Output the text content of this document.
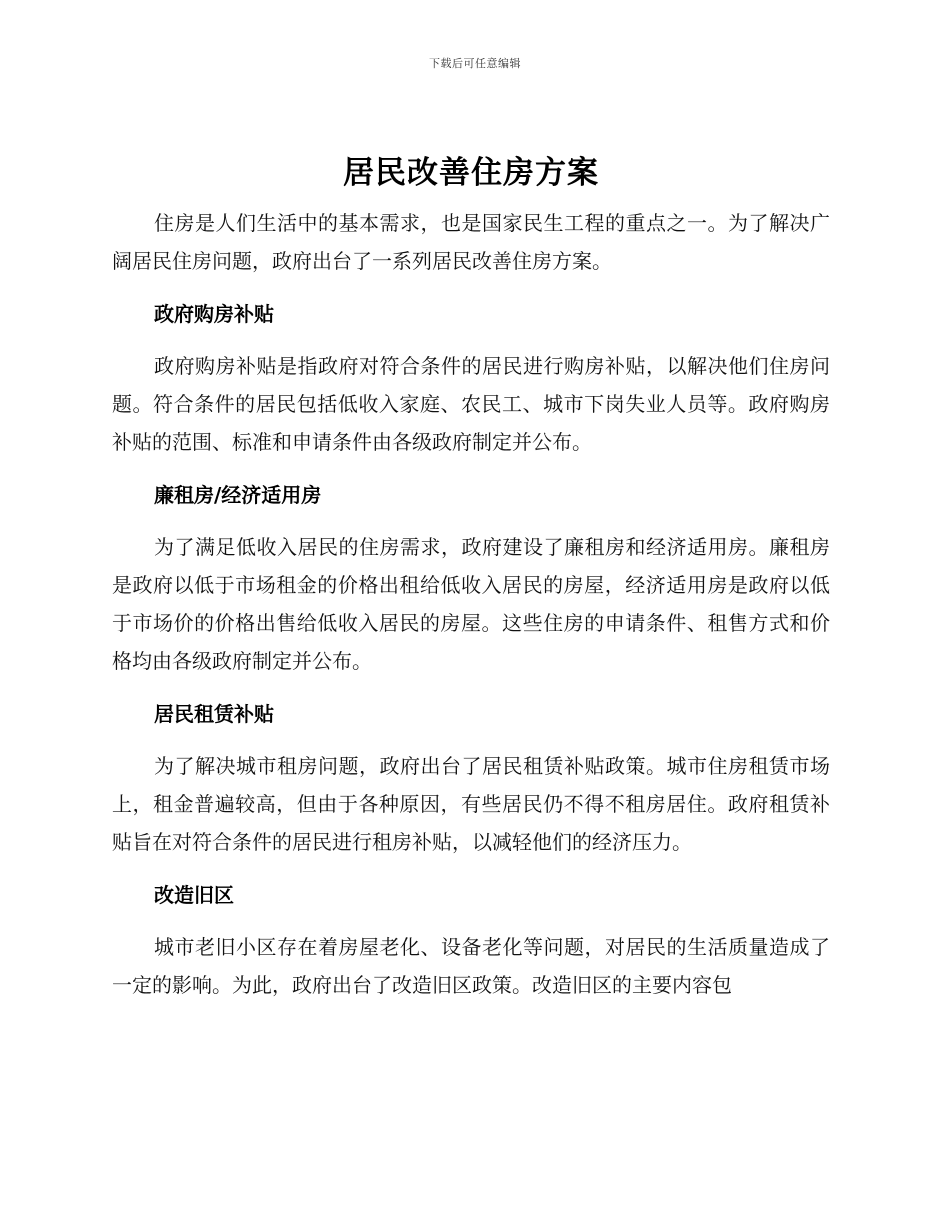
下载后可任意编辑
居民改善住房方案

住房是人们生活中的基本需求，也是国家民生工程的重点之一。为了解决广阔居民住房问题，政府出台了一系列居民改善住房方案。

政府购房补贴

政府购房补贴是指政府对符合条件的居民进行购房补贴，以解决他们住房问题。符合条件的居民包括低收入家庭、农民工、城市下岗失业人员等。政府购房补贴的范围、标准和申请条件由各级政府制定并公布。

廉租房/经济适用房

为了满足低收入居民的住房需求，政府建设了廉租房和经济适用房。廉租房是政府以低于市场租金的价格出租给低收入居民的房屋，经济适用房是政府以低于市场价的价格出售给低收入居民的房屋。这些住房的申请条件、租售方式和价格均由各级政府制定并公布。

居民租赁补贴

为了解决城市租房问题，政府出台了居民租赁补贴政策。城市住房租赁市场上，租金普遍较高，但由于各种原因，有些居民仍不得不租房居住。政府租赁补贴旨在对符合条件的居民进行租房补贴，以减轻他们的经济压力。

改造旧区

城市老旧小区存在着房屋老化、设备老化等问题，对居民的生活质量造成了一定的影响。为此，政府出台了改造旧区政策。改造旧区的主要内容包
